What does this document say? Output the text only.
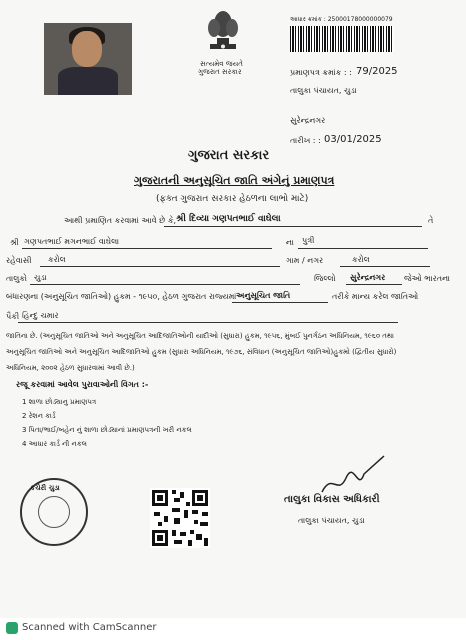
સત્યમેવ જયતે
ગુજરાત સરકાર
આધાર ક્રમાંક : 25000178000000079
પ્રમાણપત્ર ક્રમાંક : : 79/2025
તાલુકા પંચાયત, ચુડા
સુરેન્દ્રનગર
તારીખ : : 03/01/2025
ગુજરાત સરકાર
ગુજરાતની અનુસૂચિત જાતિ અંગેનું પ્રમાણપત્ર
(ફક્ત ગુજરાત સરકાર હેઠળના લાભો માટે)
આથી પ્રમાણિત કરવામાં આવે છે કે, શ્રી દિવ્યા ગણપતભાઈ વાઘેલા	તે
શ્રી ગણપતભાઈ મગનભાઈ વાઘેલા	ના પુત્રી
રહેવાસી કરોલ	ગામ / નગર	કરોલ
તાલુકો ચુડા	જિલ્લો સુરેન્દ્રનગર જેઓ ભારતના
બંધારણના (અનુસૂચિત જાતિઓ) હુકમ - ૧૯૫૦, હેઠળ ગુજરાત રાજ્યમાં અનુસૂચિત જાતિ	તરીકે માન્ય કરેલ જાતિઓ
પૈકી હિન્દુ ચમાર
જાતિના છે. (અનુસૂચિત જાતિઓ અને અનુસૂચિત આદિજાતિઓની યાદીઓ (સુધારા) હુકમ, ૧૯૫૬, મુંબઈ પુનર્ગઠન અધિનિયમ, ૧૯૬૦ તથા
અનુસૂચિત જાતિઓ અને અનુસૂચિત આદિજાતિઓ હુકમ (સુધારા અધિનિયમ, ૧૯૭૬, સંવિધાન (અનુસૂચિત જાતિઓ)હુકમો (દ્વિતીય સુધારો)
અધિનિયમ, ૨૦૦૨ હેઠળ સુધારવામાં આવી છે.)
રજૂ કરવામાં આવેલ પુરાવાઓની વિગત :-
1 શાળા છોડ્યાનુ પ્રમાણપત્ર
2 રેશન કાર્ડ
3 પિતા/ભાઈ/બહેન નું શાળા છોડ્યાનાં પ્રમાણપત્રની ખરી નકલ
4 આધાર કાર્ડ ની નકલ
કચેરી ચુડા
તાલુકા વિકાસ અધિકારી
તાલુકા પંચાયત, ચુડા
Scanned with CamScanner
